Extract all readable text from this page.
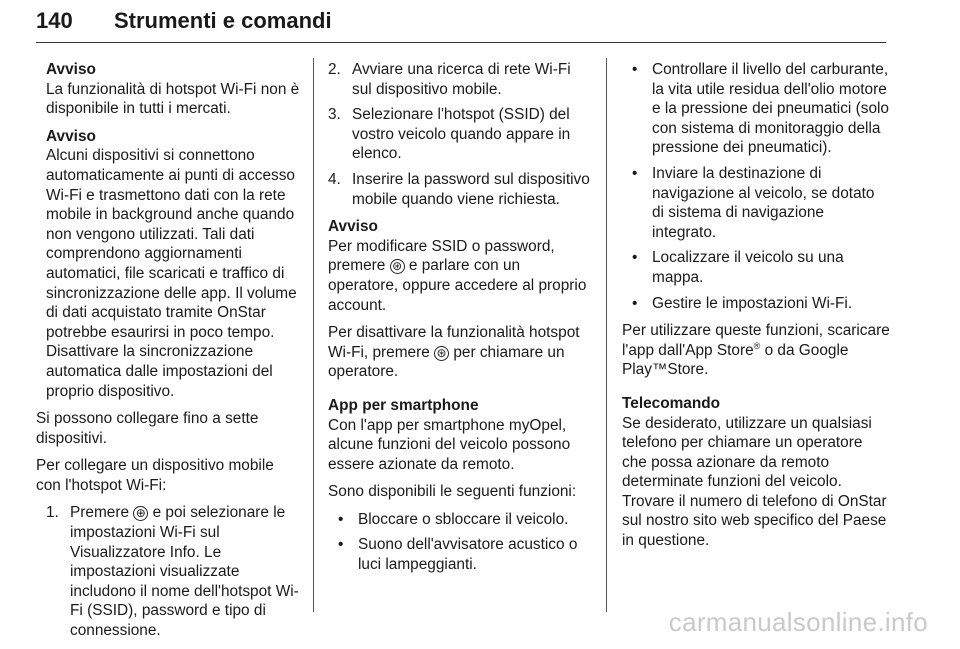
140 Strumenti e comandi
Avviso
La funzionalità di hotspot Wi-Fi non è disponibile in tutti i mercati.
Avviso
Alcuni dispositivi si connettono automaticamente ai punti di accesso Wi-Fi e trasmettono dati con la rete mobile in background anche quando non vengono utilizzati. Tali dati comprendono aggiornamenti automatici, file scaricati e traffico di sincronizzazione delle app. Il volume di dati acquistato tramite OnStar potrebbe esaurirsi in poco tempo. Disattivare la sincronizzazione automatica dalle impostazioni del proprio dispositivo.

Si possono collegare fino a sette dispositivi.

Per collegare un dispositivo mobile con l'hotspot Wi-Fi:

1. Premere ⊕ e poi selezionare le impostazioni Wi-Fi sul Visualizzatore Info. Le impostazioni visualizzate includono il nome dell'hotspot Wi-Fi (SSID), password e tipo di connessione.
2. Avviare una ricerca di rete Wi-Fi sul dispositivo mobile.
3. Selezionare l'hotspot (SSID) del vostro veicolo quando appare in elenco.
4. Inserire la password sul dispositivo mobile quando viene richiesta.
Avviso
Per modificare SSID o password, premere ⊛ e parlare con un operatore, oppure accedere al proprio account.

Per disattivare la funzionalità hotspot Wi-Fi, premere ⊛ per chiamare un operatore.

App per smartphone
Con l'app per smartphone myOpel, alcune funzioni del veicolo possono essere azionate da remoto.

Sono disponibili le seguenti funzioni:

• Bloccare o sbloccare il veicolo.
• Suono dell'avvisatore acustico o luci lampeggianti.
• Controllare il livello del carburante, la vita utile residua dell'olio motore e la pressione dei pneumatici (solo con sistema di monitoraggio della pressione dei pneumatici).
• Inviare la destinazione di navigazione al veicolo, se dotato di sistema di navigazione integrato.
• Localizzare il veicolo su una mappa.
• Gestire le impostazioni Wi-Fi.

Per utilizzare queste funzioni, scaricare l'app dall'App Store® o da Google Play™Store.

Telecomando
Se desiderato, utilizzare un qualsiasi telefono per chiamare un operatore che possa azionare da remoto determinate funzioni del veicolo. Trovare il numero di telefono di OnStar sul nostro sito web specifico del Paese in questione.

carmanualsonline.info
